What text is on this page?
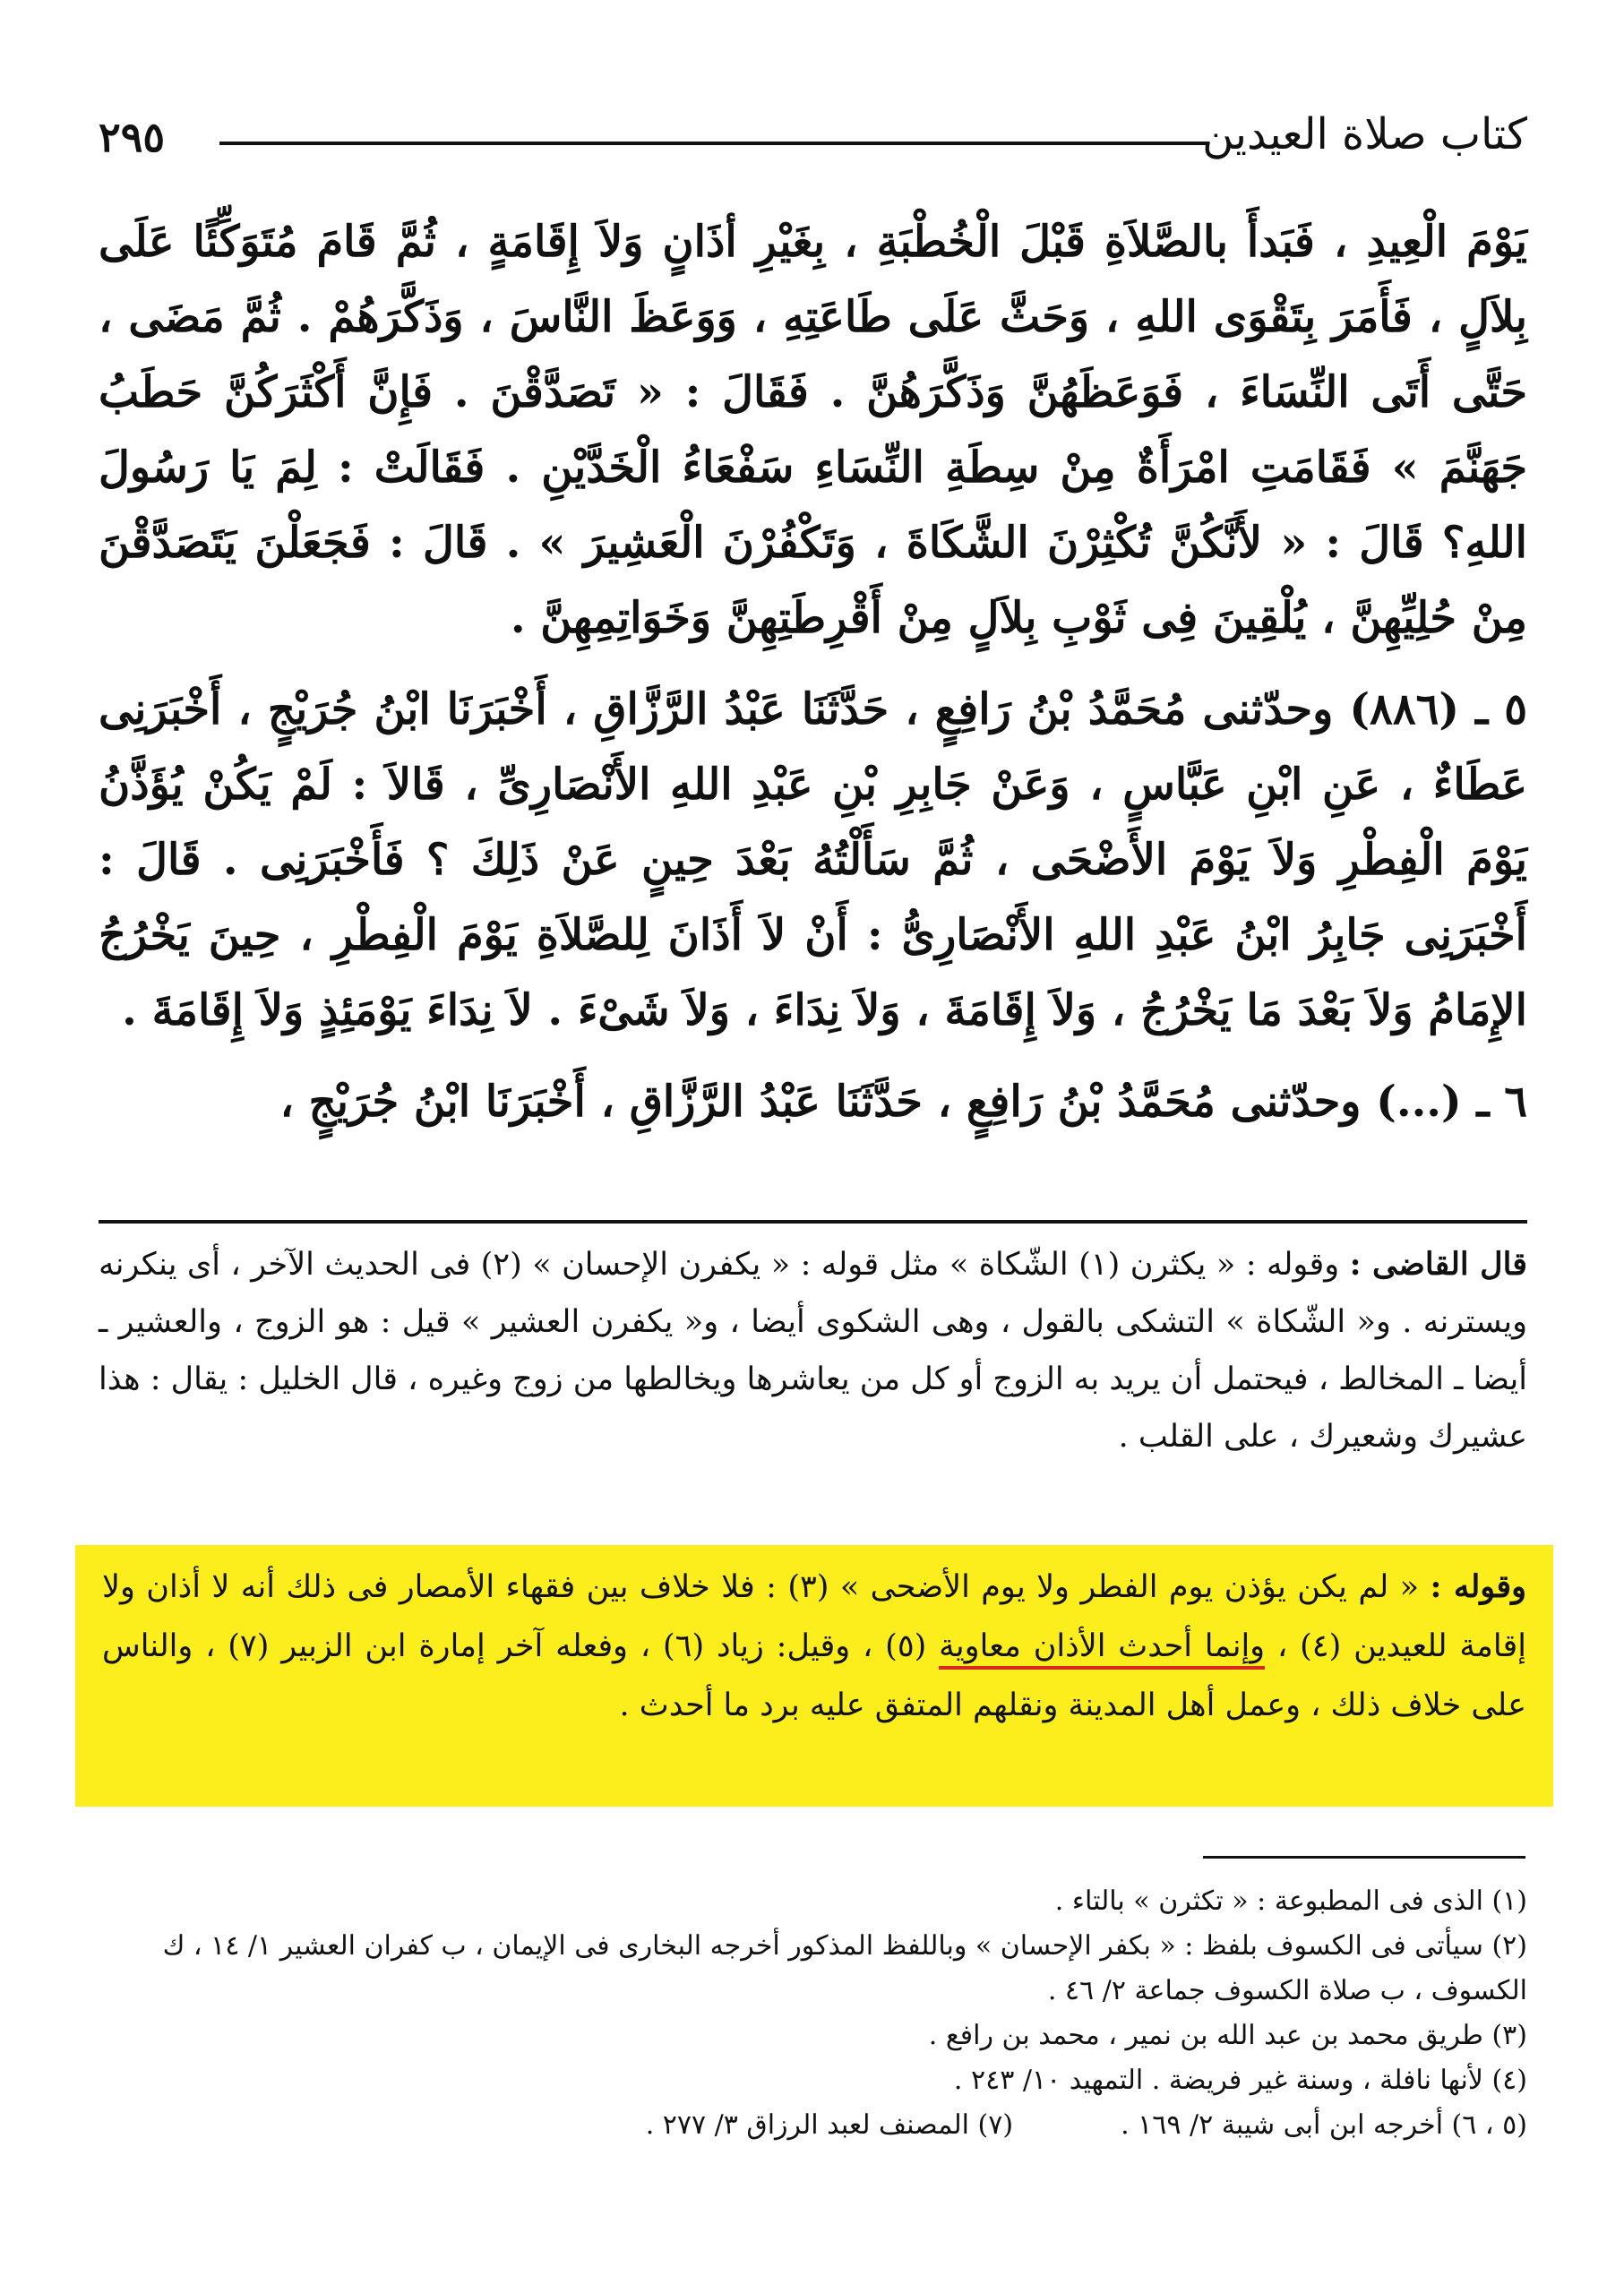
٢٩٥	كتاب صلاة العيدين

يَوْمَ الْعِيدِ ، فَبَدأَ بالصَّلاَةِ قَبْلَ الْخُطْبَةِ ، بِغَيْرِ أذَانٍ وَلاَ إِقَامَةٍ ، ثُمَّ قَامَ مُتَوَكِّئًا عَلَى بِلاَلٍ ، فَأَمَرَ بِتَقْوَى اللهِ ، وَحَثَّ عَلَى طَاعَتِهِ ، وَوَعَظَ النَّاسَ ، وَذَكَّرَهُمْ . ثُمَّ مَضَى ، حَتَّى أَتَى النِّسَاءَ ، فَوَعَظَهُنَّ وَذَكَّرَهُنَّ . فَقَالَ : « تَصَدَّقْنَ . فَإِنَّ أَكْثَرَكُنَّ حَطَبُ جَهَنَّمَ » فَقَامَتِ امْرَأَةٌ مِنْ سِطَةِ النِّسَاءِ سَفْعَاءُ الْخَدَّيْنِ . فَقَالَتْ : لِمَ يَا رَسُولَ اللهِ؟ قَالَ : « لأَنَّكُنَّ تُكْثِرْنَ الشَّكَاةَ ، وَتَكْفُرْنَ الْعَشِيرَ » . قَالَ : فَجَعَلْنَ يَتَصَدَّقْنَ مِنْ حُلِيِّهِنَّ ، يُلْقِينَ فِى ثَوْبِ بِلاَلٍ مِنْ أَقْرِطَتِهِنَّ وَخَوَاتِمِهِنَّ .

٥ ـ (٨٨٦) وحدّثنى مُحَمَّدُ بْنُ رَافِعٍ ، حَدَّثَنَا عَبْدُ الرَّزَّاقِ ، أَخْبَرَنَا ابْنُ جُرَيْجٍ ، أَخْبَرَنِى عَطَاءٌ ، عَنِ ابْنِ عَبَّاسٍ ، وَعَنْ جَابِرِ بْنِ عَبْدِ اللهِ الأَنْصَارِىِّ ، قَالاَ : لَمْ يَكُنْ يُؤَذَّنُ يَوْمَ الْفِطْرِ وَلاَ يَوْمَ الأَضْحَى ، ثُمَّ سَأَلْتُهُ بَعْدَ حِينٍ عَنْ ذَلِكَ ؟ فَأَخْبَرَنِى . قَالَ : أَخْبَرَنِى جَابِرُ ابْنُ عَبْدِ اللهِ الأَنْصَارِىُّ : أَنْ لاَ أَذَانَ لِلصَّلاَةِ يَوْمَ الْفِطْرِ ، حِينَ يَخْرُجُ الإِمَامُ وَلاَ بَعْدَ مَا يَخْرُجُ ، وَلاَ إِقَامَةَ ، وَلاَ نِدَاءَ ، وَلاَ شَىْءَ . لاَ نِدَاءَ يَوْمَئِذٍ وَلاَ إِقَامَةَ .

٦ ـ (...) وحدّثنى مُحَمَّدُ بْنُ رَافِعٍ ، حَدَّثَنَا عَبْدُ الرَّزَّاقِ ، أَخْبَرَنَا ابْنُ جُرَيْجٍ ،

قال القاضى : وقوله : « يكثرن (١) الشّكاة » مثل قوله : « يكفرن الإحسان » (٢) فى الحديث الآخر ، أى ينكرنه ويسترنه . و« الشّكاة » التشكى بالقول ، وهى الشكوى أيضا ، و« يكفرن العشير » قيل : هو الزوج ، والعشير ـ أيضا ـ المخالط ، فيحتمل أن يريد به الزوج أو كل من يعاشرها ويخالطها من زوج وغيره ، قال الخليل : يقال : هذا عشيرك وشعيرك ، على القلب .

وقوله : « لم يكن يؤذن يوم الفطر ولا يوم الأضحى » (٣) : فلا خلاف بين فقهاء الأمصار فى ذلك أنه لا أذان ولا إقامة للعيدين (٤) ، وإنما أحدث الأذان معاوية (٥) ، وقيل: زياد (٦) ، وفعله آخر إمارة ابن الزبير (٧) ، والناس على خلاف ذلك ، وعمل أهل المدينة ونقلهم المتفق عليه برد ما أحدث .

(١) الذى فى المطبوعة : « تكثرن » بالتاء .

(٢) سيأتى فى الكسوف بلفظ : « بكفر الإحسان » وباللفظ المذكور أخرجه البخارى فى الإيمان ، ب كفران العشير ١/ ١٤ ، ك الكسوف ، ب صلاة الكسوف جماعة ٢/ ٤٦ .

(٣) طريق محمد بن عبد الله بن نمير ، محمد بن رافع .

(٤) لأنها نافلة ، وسنة غير فريضة . التمهيد ١٠/ ٢٤٣ .

(٥ ، ٦) أخرجه ابن أبى شيبة ٢/ ١٦٩ .

(٧) المصنف لعبد الرزاق ٣/ ٢٧٧ .
